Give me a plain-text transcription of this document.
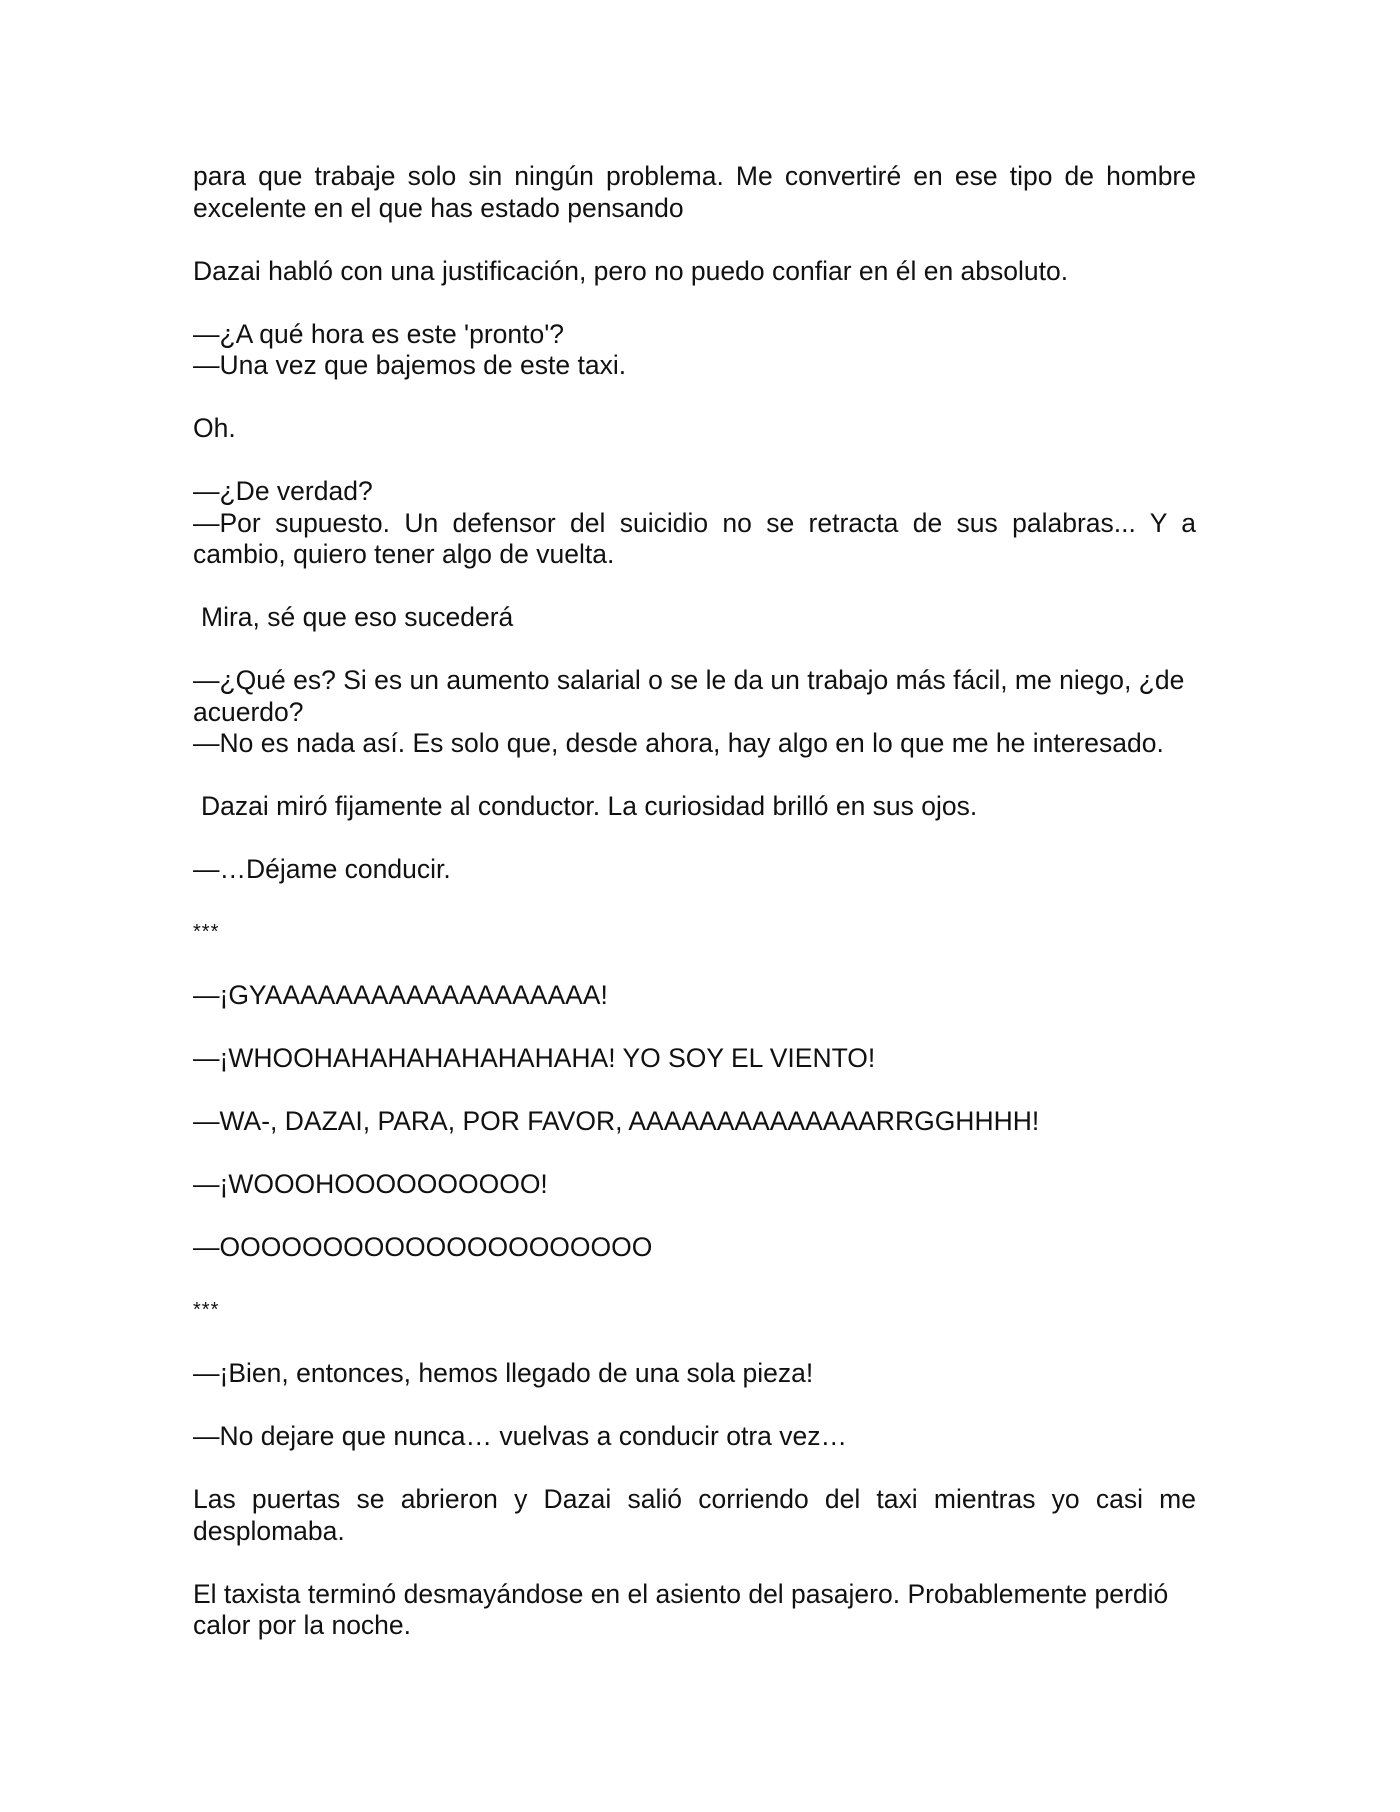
para que trabaje solo sin ningún problema. Me convertiré en ese tipo de hombre excelente en el que has estado pensando
Dazai habló con una justificación, pero no puedo confiar en él en absoluto.
—¿A qué hora es este 'pronto'?
—Una vez que bajemos de este taxi.
Oh.
—¿De verdad?
—Por supuesto. Un defensor del suicidio no se retracta de sus palabras... Y a cambio, quiero tener algo de vuelta.
Mira, sé que eso sucederá
—¿Qué es? Si es un aumento salarial o se le da un trabajo más fácil, me niego, ¿de acuerdo?
—No es nada así. Es solo que, desde ahora, hay algo en lo que me he interesado.
Dazai miró fijamente al conductor. La curiosidad brilló en sus ojos.
—…Déjame conducir.
***
—¡GYAAAAAAAAAAAAAAAAAAA!
—¡WHOOHAHAHAHAHAHAHAHA! YO SOY EL VIENTO!
—WA-, DAZAI, PARA, POR FAVOR, AAAAAAAAAAAAAARRGGHHHH!
—¡WOOOHOOOOOOOOOO!
—OOOOOOOOOOOOOOOOOOOOO
***
—¡Bien, entonces, hemos llegado de una sola pieza!
—No dejare que nunca… vuelvas a conducir otra vez…
Las puertas se abrieron y Dazai salió corriendo del taxi mientras yo casi me desplomaba.
El taxista terminó desmayándose en el asiento del pasajero. Probablemente perdió calor por la noche.
